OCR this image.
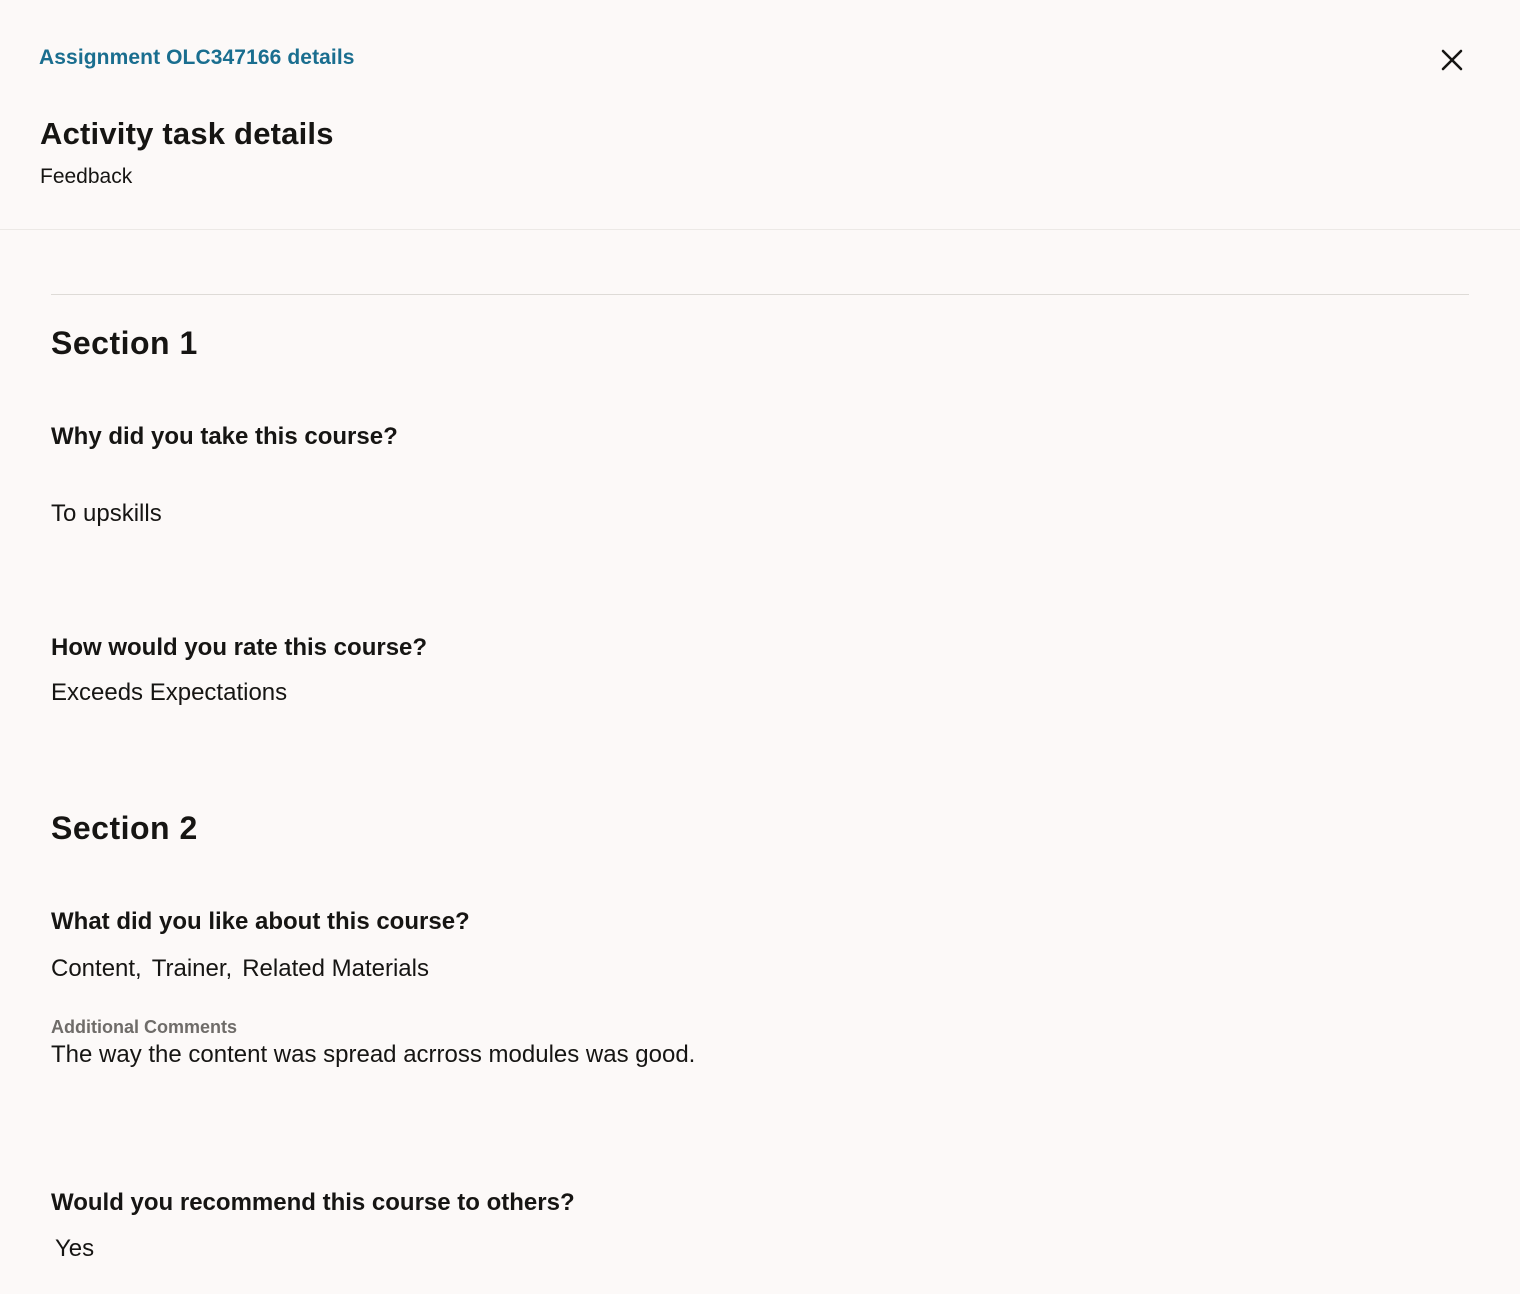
Assignment OLC347166 details
Activity task details
Feedback
Section 1
Why did you take this course?
To upskills
How would you rate this course?
Exceeds Expectations
Section 2
What did you like about this course?
Content, Trainer, Related Materials
Additional Comments
The way the content was spread acrross modules was good.
Would you recommend this course to others?
Yes
